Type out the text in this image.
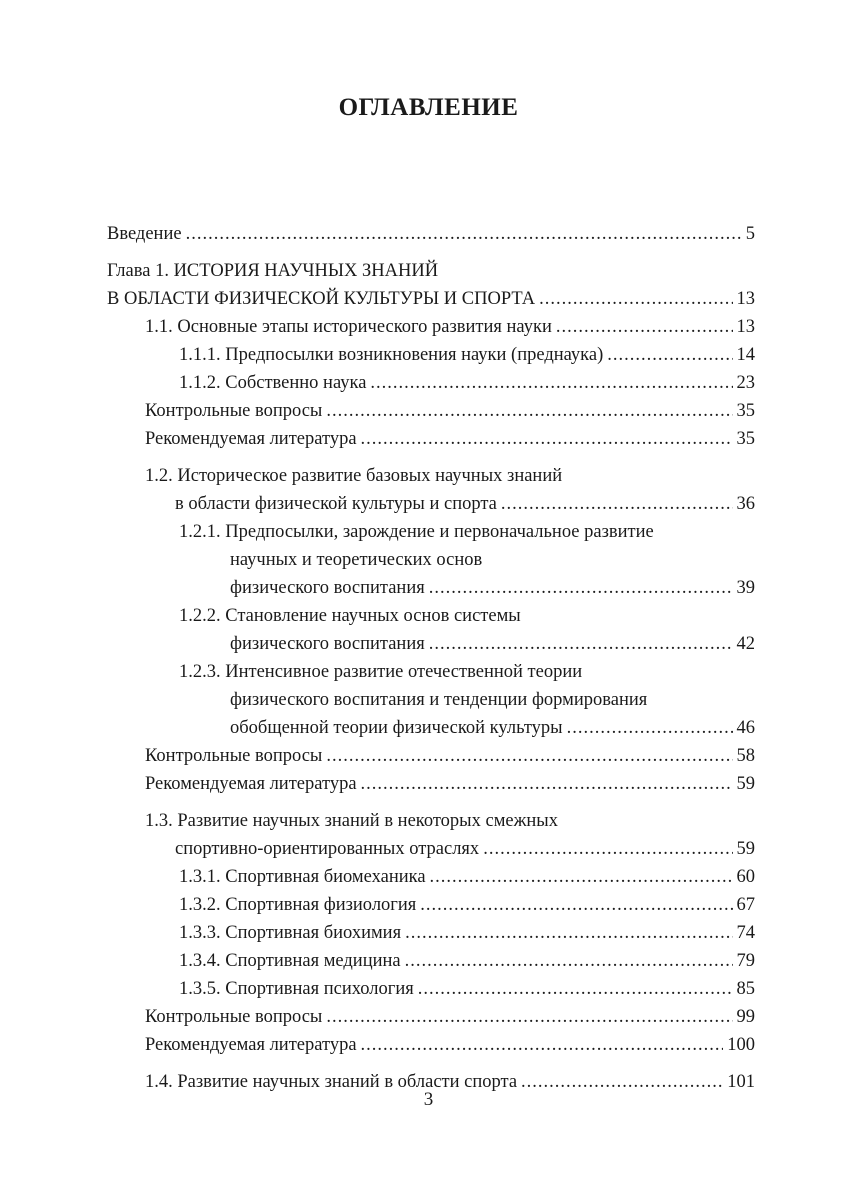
ОГЛАВЛЕНИЕ
Введение .....	5
Глава 1. ИСТОРИЯ НАУЧНЫХ ЗНАНИЙ
В ОБЛАСТИ ФИЗИЧЕСКОЙ КУЛЬТУРЫ И СПОРТА .....	13
1.1. Основные этапы исторического развития науки .....	13
1.1.1. Предпосылки возникновения науки (преднаука) .....	14
1.1.2. Собственно наука .....	23
Контрольные вопросы .....	35
Рекомендуемая литература .....	35
1.2. Историческое развитие базовых научных знаний
в области физической культуры и спорта .....	36
1.2.1. Предпосылки, зарождение и первоначальное развитие
научных и теоретических основ
физического воспитания .....	39
1.2.2. Становление научных основ системы
физического воспитания .....	42
1.2.3. Интенсивное развитие отечественной теории
физического воспитания и тенденции формирования
обобщенной теории физической культуры .....	46
Контрольные вопросы .....	58
Рекомендуемая литература .....	59
1.3. Развитие научных знаний в некоторых смежных
спортивно-ориентированных отраслях .....	59
1.3.1. Спортивная биомеханика .....	60
1.3.2. Спортивная физиология .....	67
1.3.3. Спортивная биохимия .....	74
1.3.4. Спортивная медицина .....	79
1.3.5. Спортивная психология .....	85
Контрольные вопросы .....	99
Рекомендуемая литература .....	100
1.4. Развитие научных знаний в области спорта .....	101
3
